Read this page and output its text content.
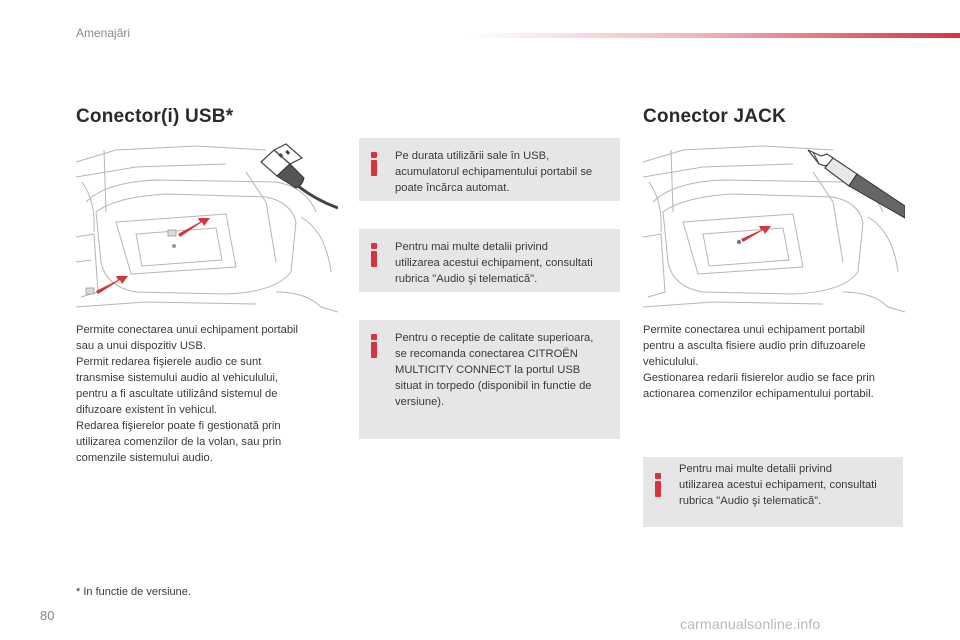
Amenajări
Conector(i) USB*

Permite conectarea unui echipament portabil

sau a unui dispozitiv USB.

Permit redarea fişierele audio ce sunt

transmise sistemului audio al vehiculului,

pentru a fi ascultate utilizând sistemul de

difuzoare existent în vehicul.

Redarea fişierelor poate fi gestionată prin

utilizarea comenzilor de la volan, sau prin

comenzile sistemului audio.

Pe durata utilizării sale în USB,
acumulatorul echipamentului portabil se
poate încărca automat.
Pentru mai multe detalii privind
utilizarea acestui echipament, consultati
rubrica "Audio şi telematică".
Pentru o receptie de calitate superioara,
se recomanda conectarea CITROËN
MULTICITY CONNECT la portul USB
situat in torpedo (disponibil in functie de
versiune).
Conector JACK

Permite conectarea unui echipament portabil

pentru a asculta fisiere audio prin difuzoarele

vehiculului.

Gestionarea redarii fisierelor audio se face prin

actionarea comenzilor echipamentului portabil.

Pentru mai multe detalii privind
utilizarea acestui echipament, consultati
rubrica "Audio şi telematică".
* In functie de versiune.
80
carmanualsonline.info
